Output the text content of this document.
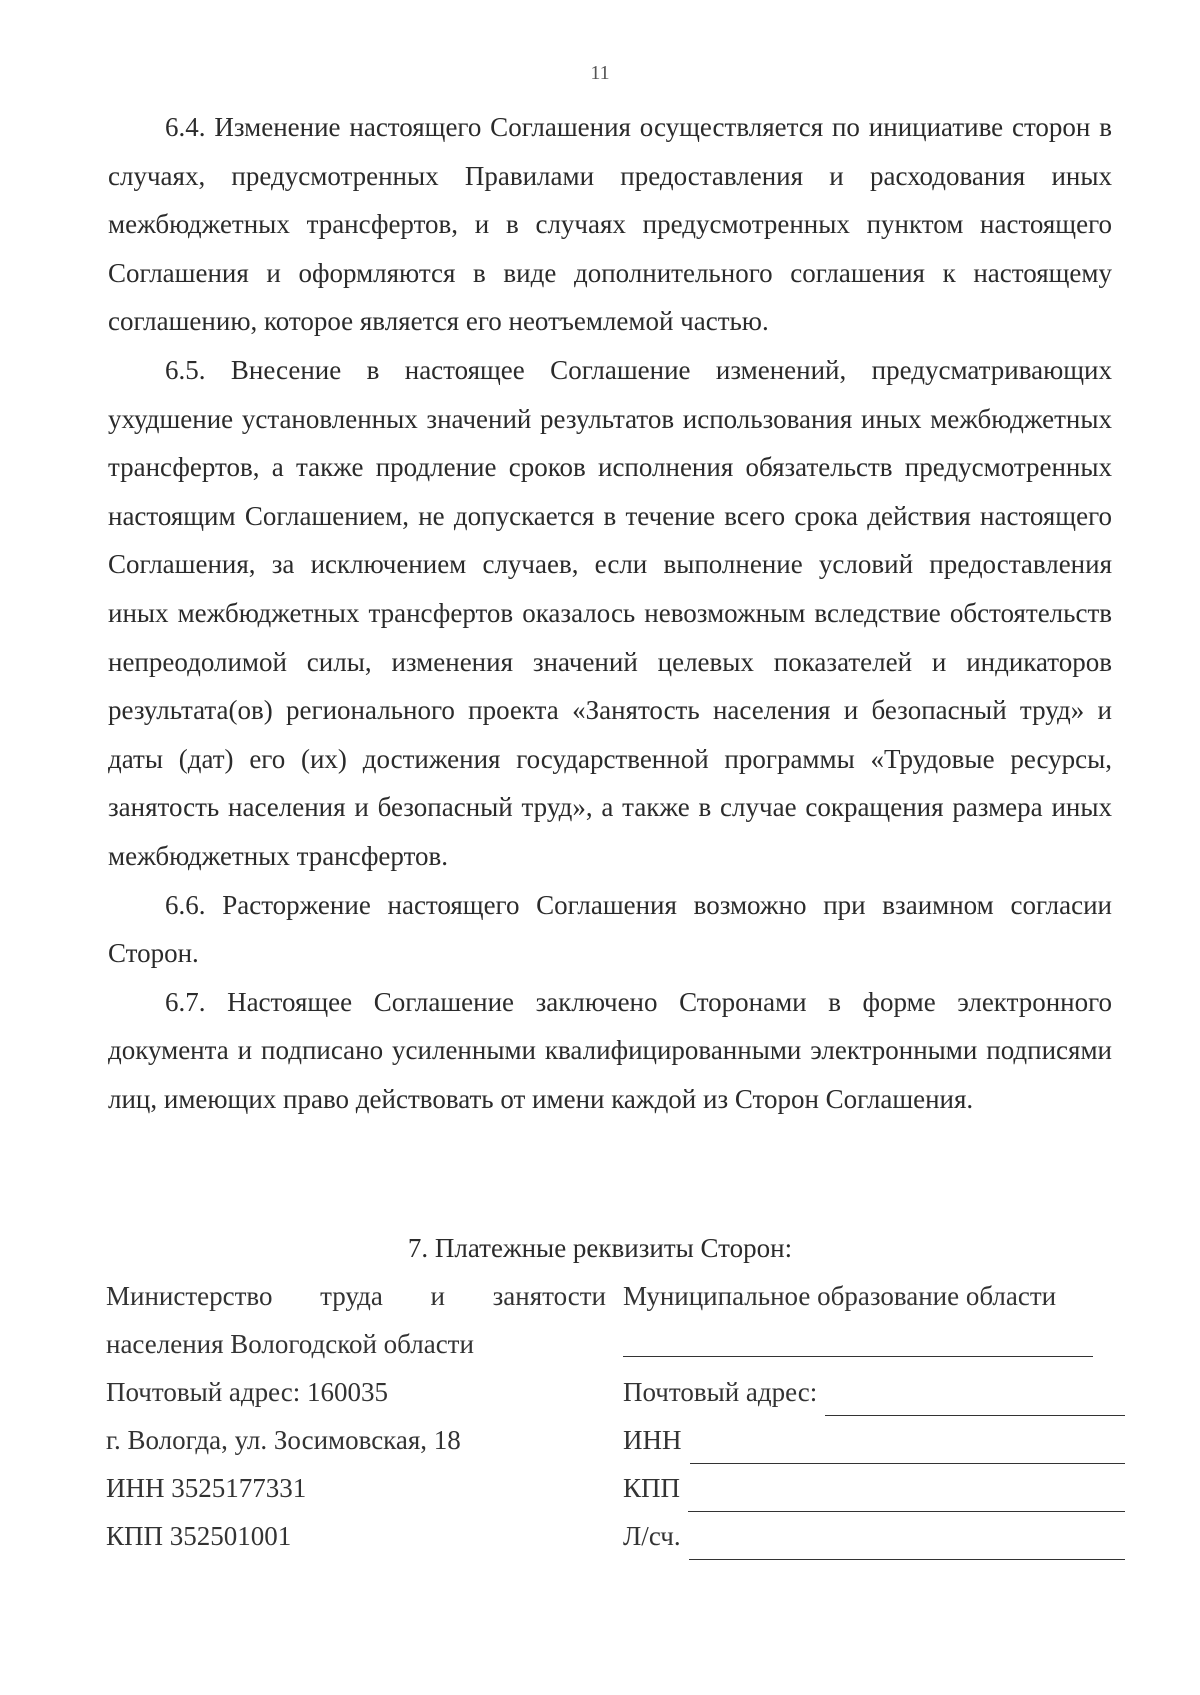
11

6.4. Изменение настоящего Соглашения осуществляется по инициативе сторон в случаях, предусмотренных Правилами предоставления и расходования иных межбюджетных трансфертов, и в случаях предусмотренных пунктом настоящего Соглашения и оформляются в виде дополнительного соглашения к настоящему соглашению, которое является его неотъемлемой частью.

6.5. Внесение в настоящее Соглашение изменений, предусматривающих ухудшение установленных значений результатов использования иных межбюджетных трансфертов, а также продление сроков исполнения обязательств предусмотренных настоящим Соглашением, не допускается в течение всего срока действия настоящего Соглашения, за исключением случаев, если выполнение условий предоставления иных межбюджетных трансфертов оказалось невозможным вследствие обстоятельств непреодолимой силы, изменения значений целевых показателей и индикаторов результата(ов) регионального проекта «Занятость населения и безопасный труд» и даты (дат) его (их) достижения государственной программы «Трудовые ресурсы, занятость населения и безопасный труд», а также в случае сокращения размера иных межбюджетных трансфертов.

6.6. Расторжение настоящего Соглашения возможно при взаимном согласии Сторон.

6.7. Настоящее Соглашение заключено Сторонами в форме электронного документа и подписано усиленными квалифицированными электронными подписями лиц, имеющих право действовать от имени каждой из Сторон Соглашения.

7. Платежные реквизиты Сторон:
Министерство труда и занятости
населения Вологодской области
Почтовый адрес: 160035
г. Вологда, ул. Зосимовская, 18
ИНН 3525177331
КПП 352501001
Муниципальное образование области
Почтовый адрес:
ИНН
КПП
Л/сч.
